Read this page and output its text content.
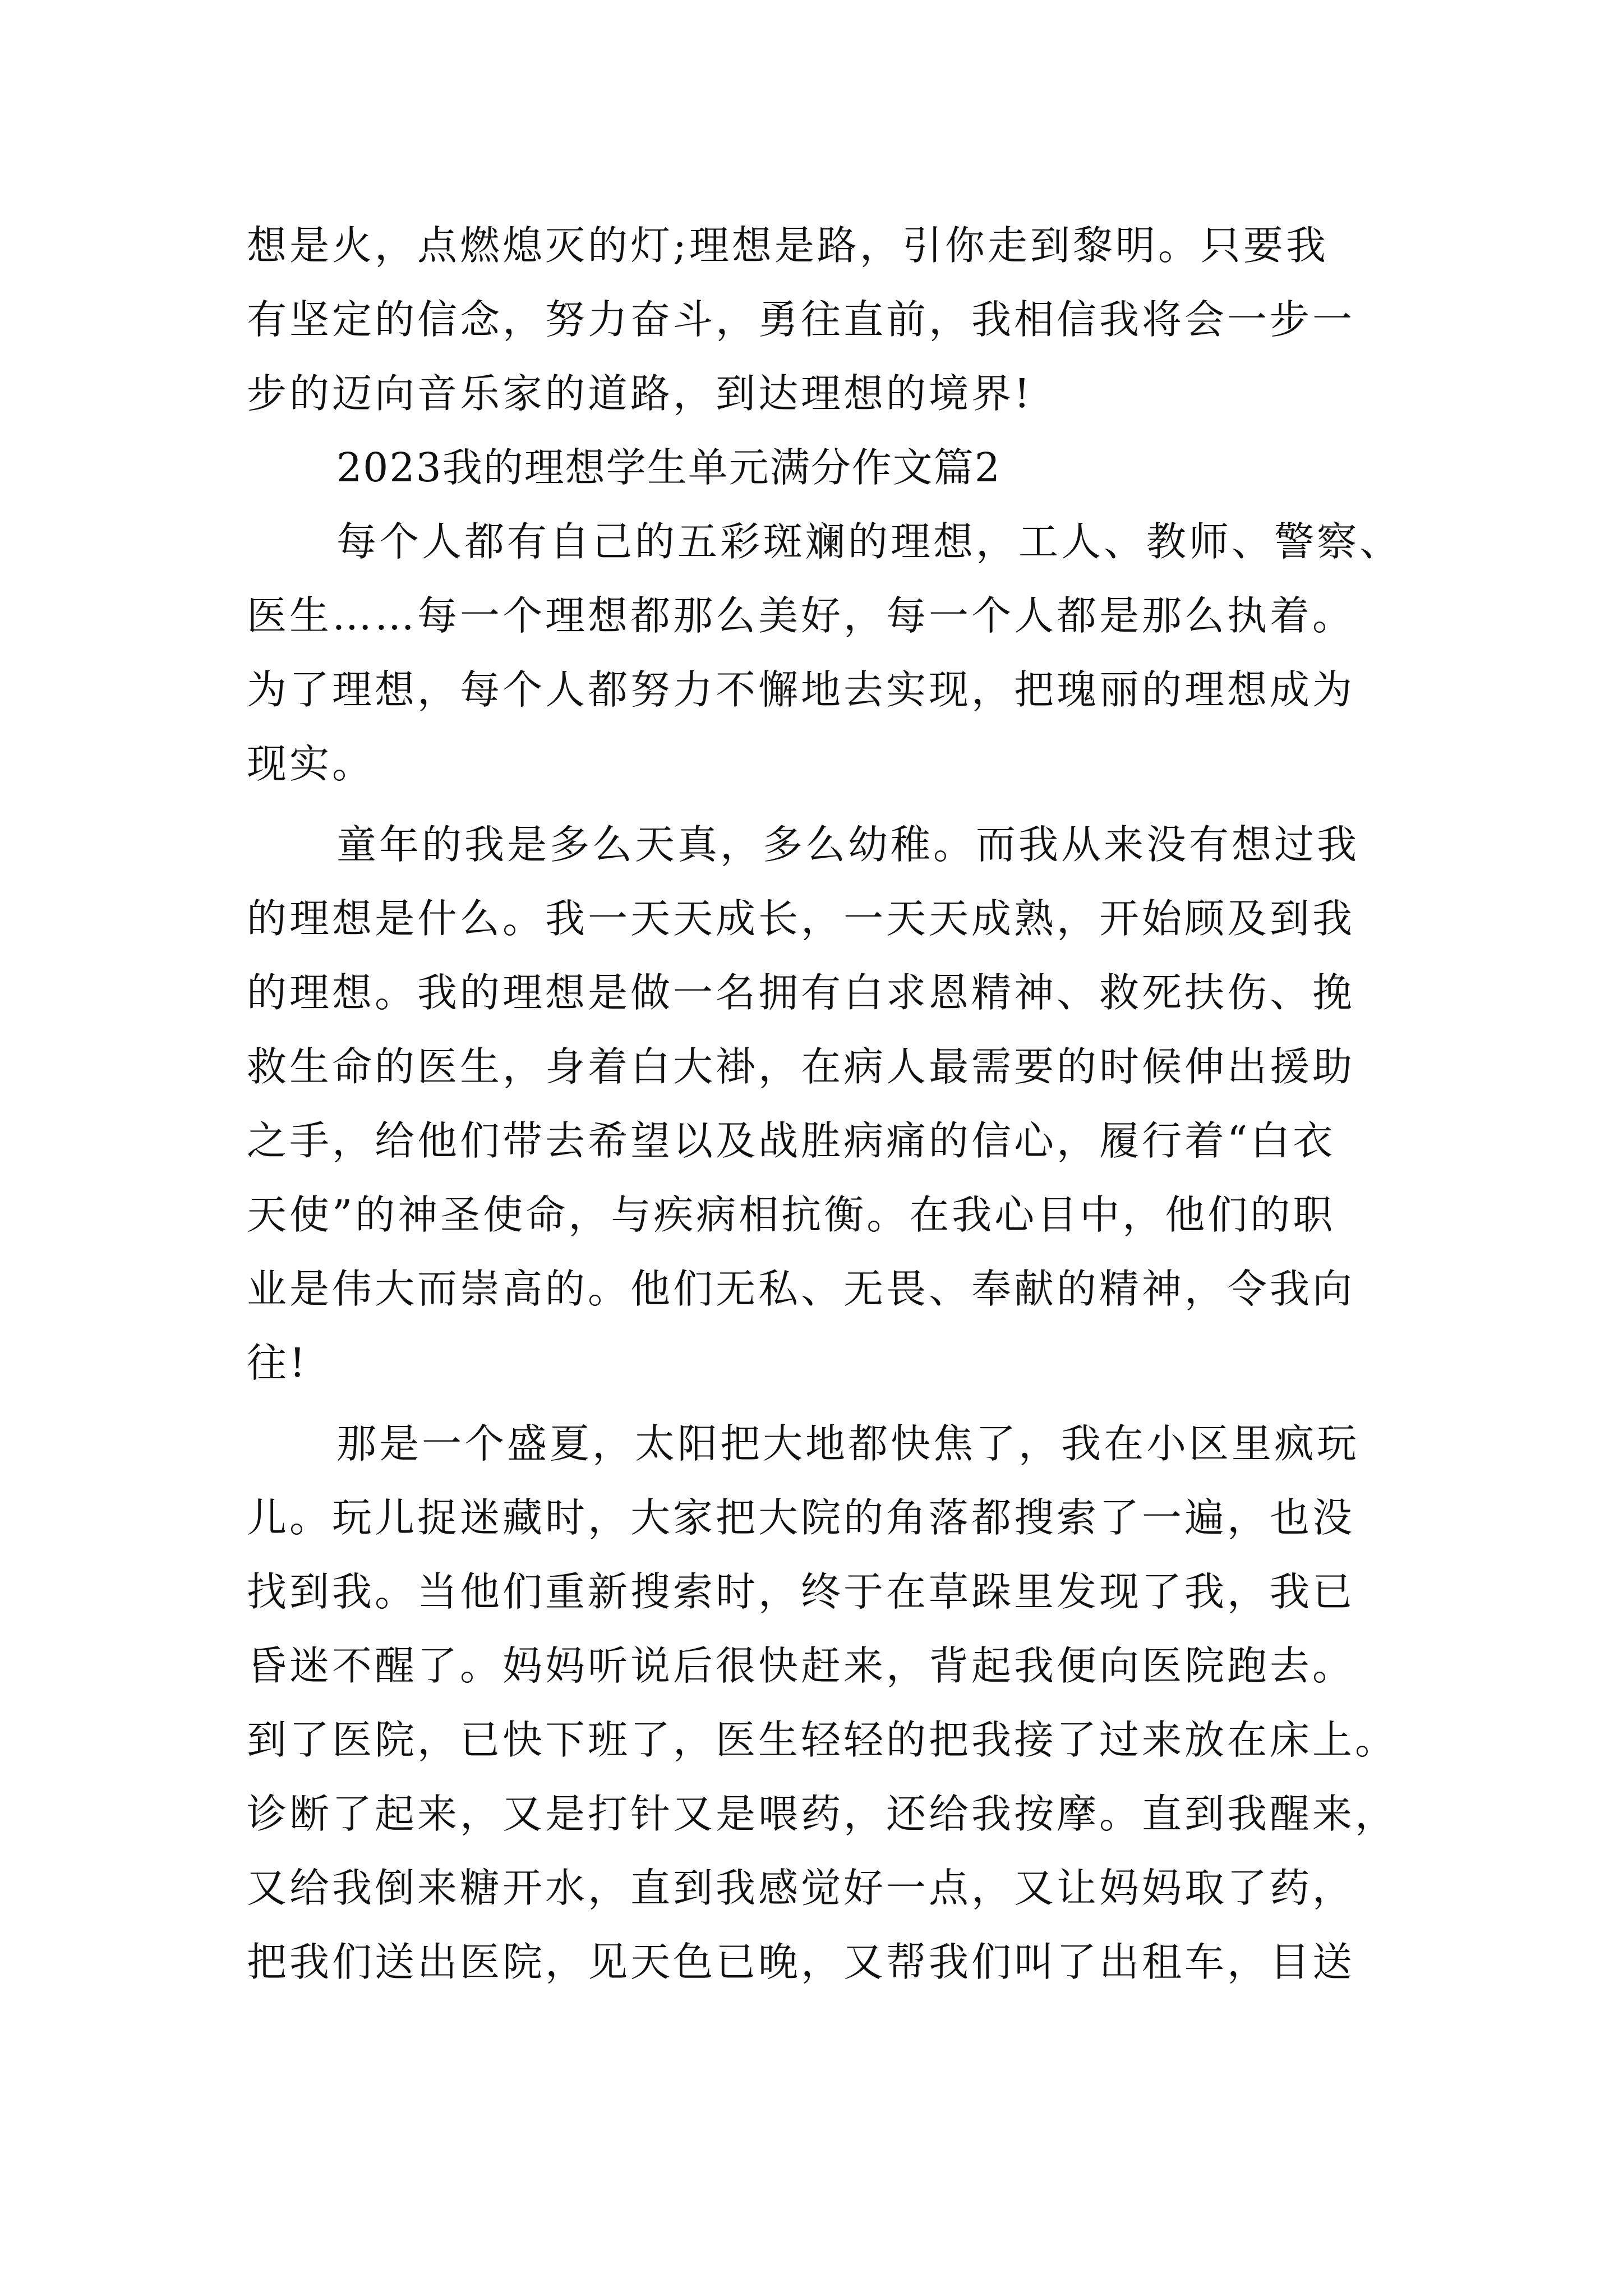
想是火，点燃熄灭的灯;理想是路，引你走到黎明。只要我
有坚定的信念，努力奋斗，勇往直前，我相信我将会一步一
步的迈向音乐家的道路，到达理想的境界!
2023我的理想学生单元满分作文篇2
每个人都有自己的五彩斑斓的理想，工人、教师、警察、
医生……每一个理想都那么美好，每一个人都是那么执着。
为了理想，每个人都努力不懈地去实现，把瑰丽的理想成为
现实。
童年的我是多么天真，多么幼稚。而我从来没有想过我
的理想是什么。我一天天成长，一天天成熟，开始顾及到我
的理想。我的理想是做一名拥有白求恩精神、救死扶伤、挽
救生命的医生，身着白大褂，在病人最需要的时候伸出援助
之手，给他们带去希望以及战胜病痛的信心，履行着“白衣
天使”的神圣使命，与疾病相抗衡。在我心目中，他们的职
业是伟大而崇高的。他们无私、无畏、奉献的精神，令我向
往!
那是一个盛夏，太阳把大地都快焦了，我在小区里疯玩
儿。玩儿捉迷藏时，大家把大院的角落都搜索了一遍，也没
找到我。当他们重新搜索时，终于在草跺里发现了我，我已
昏迷不醒了。妈妈听说后很快赶来，背起我便向医院跑去。
到了医院，已快下班了，医生轻轻的把我接了过来放在床上。
诊断了起来，又是打针又是喂药，还给我按摩。直到我醒来，
又给我倒来糖开水，直到我感觉好一点，又让妈妈取了药，
把我们送出医院，见天色已晚，又帮我们叫了出租车，目送
